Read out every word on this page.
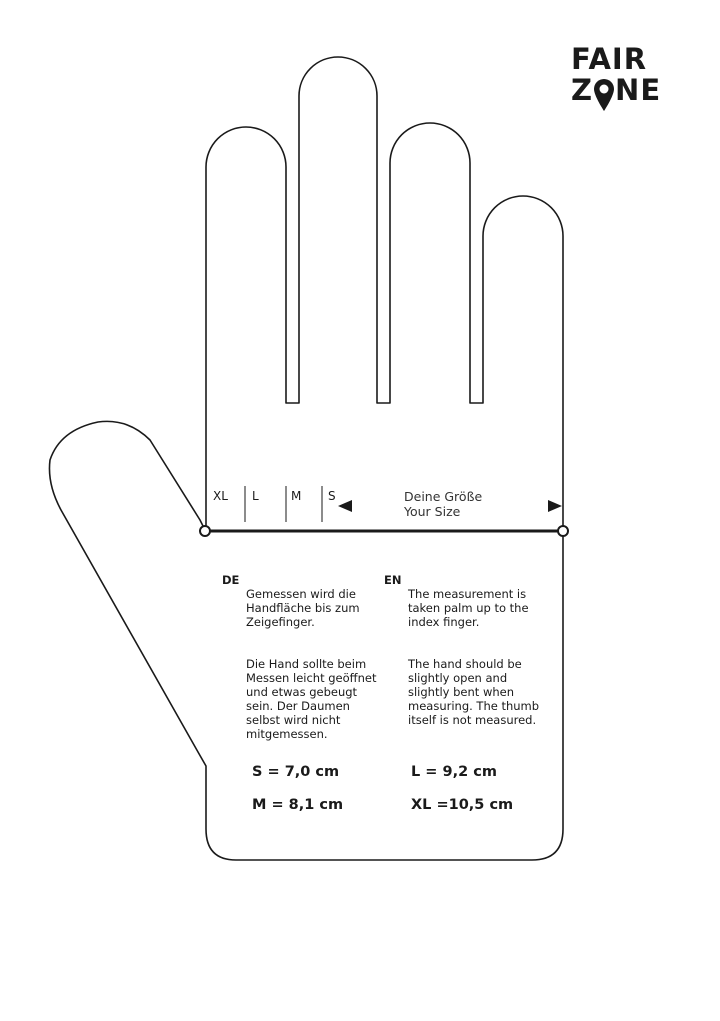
FAIR
Z NE
XL L	M S	Deine Größe
Your Size
DE

Gemessen wird die
Handfläche bis zum
Zeigefinger.

Die Hand sollte beim
Messen leicht geöffnet
und etwas gebeugt
sein. Der Daumen
selbst wird nicht
mitgemessen.

EN

The measurement is
taken palm up to the
index finger.

The hand should be
slightly open and
slightly bent when
measuring. The thumb
itself is not measured.

S = 7,0 cm
M = 8,1 cm
L = 9,2 cm
XL =10,5 cm
